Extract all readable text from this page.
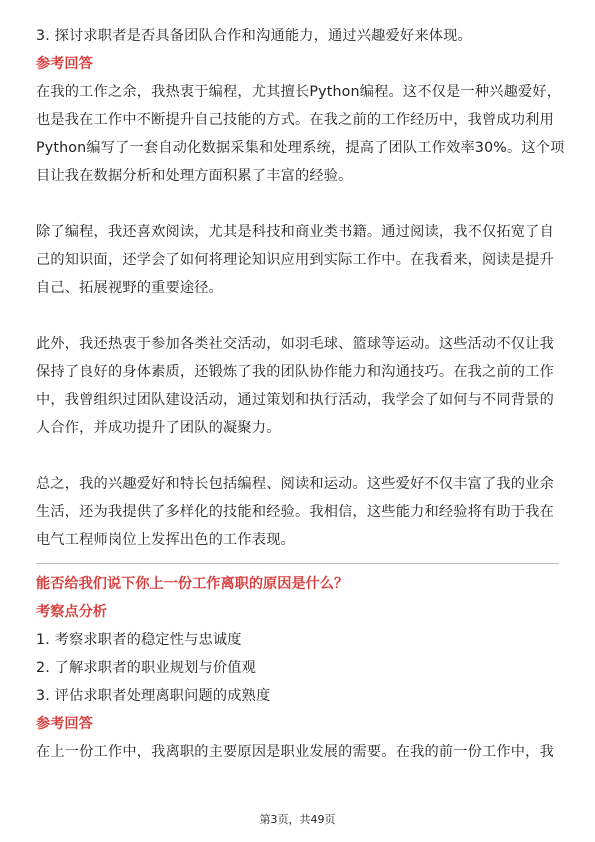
3. 探讨求职者是否具备团队合作和沟通能力，通过兴趣爱好来体现。
参考回答
在我的工作之余，我热衷于编程，尤其擅长Python编程。这不仅是一种兴趣爱好，
也是我在工作中不断提升自己技能的方式。在我之前的工作经历中，我曾成功利用
Python编写了一套自动化数据采集和处理系统，提高了团队工作效率30%。这个项
目让我在数据分析和处理方面积累了丰富的经验。
除了编程，我还喜欢阅读，尤其是科技和商业类书籍。通过阅读，我不仅拓宽了自
己的知识面，还学会了如何将理论知识应用到实际工作中。在我看来，阅读是提升
自己、拓展视野的重要途径。
此外，我还热衷于参加各类社交活动，如羽毛球、篮球等运动。这些活动不仅让我
保持了良好的身体素质，还锻炼了我的团队协作能力和沟通技巧。在我之前的工作
中，我曾组织过团队建设活动，通过策划和执行活动，我学会了如何与不同背景的
人合作，并成功提升了团队的凝聚力。
总之，我的兴趣爱好和特长包括编程、阅读和运动。这些爱好不仅丰富了我的业余
生活，还为我提供了多样化的技能和经验。我相信，这些能力和经验将有助于我在
电气工程师岗位上发挥出色的工作表现。
能否给我们说下你上一份工作离职的原因是什么？
考察点分析
1. 考察求职者的稳定性与忠诚度
2. 了解求职者的职业规划与价值观
3. 评估求职者处理离职问题的成熟度
参考回答
在上一份工作中，我离职的主要原因是职业发展的需要。在我的前一份工作中，我
第3页，共49页
